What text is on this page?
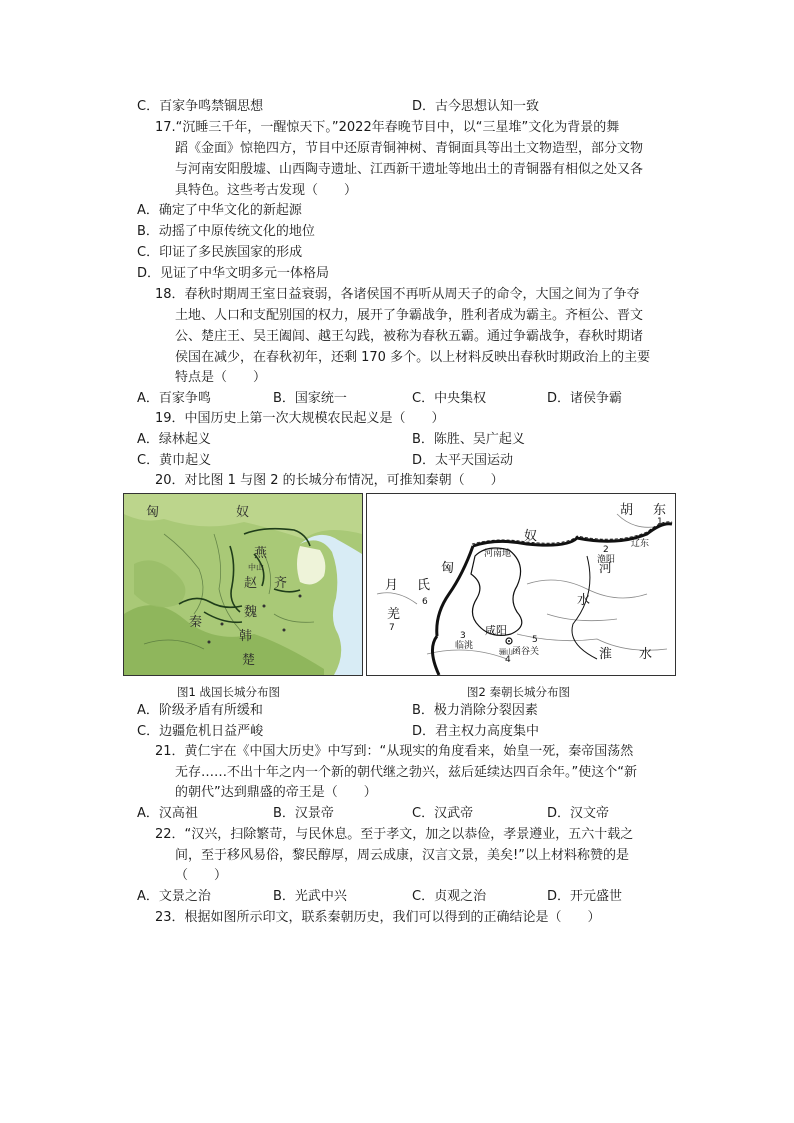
C．百家争鸣禁锢思想	D．古今思想认知一致
17.“沉睡三千年，一醒惊天下。”2022年春晚节目中，以“三星堆”文化为背景的舞
蹈《金面》惊艳四方，节目中还原青铜神树、青铜面具等出土文物造型，部分文物
与河南安阳殷墟、山西陶寺遗址、江西新干遗址等地出土的青铜器有相似之处又各
具特色。这些考古发现（　　）
A．确定了中华文化的新起源
B．动摇了中原传统文化的地位
C．印证了多民族国家的形成
D．见证了中华文明多元一体格局
18．春秋时期周王室日益衰弱，各诸侯国不再听从周天子的命令，大国之间为了争夺
土地、人口和支配别国的权力，展开了争霸战争，胜利者成为霸主。齐桓公、晋文
公、楚庄王、吴王阖闾、越王勾践，被称为春秋五霸。通过争霸战争，春秋时期诸
侯国在减少，在春秋初年，还剩 170 多个。以上材料反映出春秋时期政治上的主要
特点是（　　）
A．百家争鸣	B．国家统一	C．中央集权	D．诸侯争霸
19．中国历史上第一次大规模农民起义是（　　）
A．绿林起义	B．陈胜、吴广起义
C．黄巾起义	D．太平天国运动
20．对比图 1 与图 2 的长城分布情况，可推知秦朝（　　）
匈	奴
燕
赵 齐
秦
魏
韩
楚
中山
图1 战国长城分布图
胡 东
奴
匈
月 氏
羌
河
水
淮 水
河南地
渔阳
辽东
咸阳
临洮
函谷关
骊山
1
2
3
4
5
6
7
图2 秦朝长城分布图
A．阶级矛盾有所缓和	B．极力消除分裂因素
C．边疆危机日益严峻	D．君主权力高度集中
21．黄仁宇在《中国大历史》中写到：“从现实的角度看来，始皇一死，秦帝国荡然
无存……不出十年之内一个新的朝代继之勃兴，兹后延续达四百余年。”使这个“新
的朝代”达到鼎盛的帝王是（　　）
A．汉高祖	B．汉景帝	C．汉武帝	D．汉文帝
22．“汉兴，扫除繁苛，与民休息。至于孝文，加之以恭俭，孝景遵业，五六十载之
间，至于移风易俗，黎民醇厚，周云成康，汉言文景，美矣!”以上材料称赞的是
（　　）
A．文景之治	B．光武中兴	C．贞观之治	D．开元盛世
23．根据如图所示印文，联系秦朝历史，我们可以得到的正确结论是（　　）
